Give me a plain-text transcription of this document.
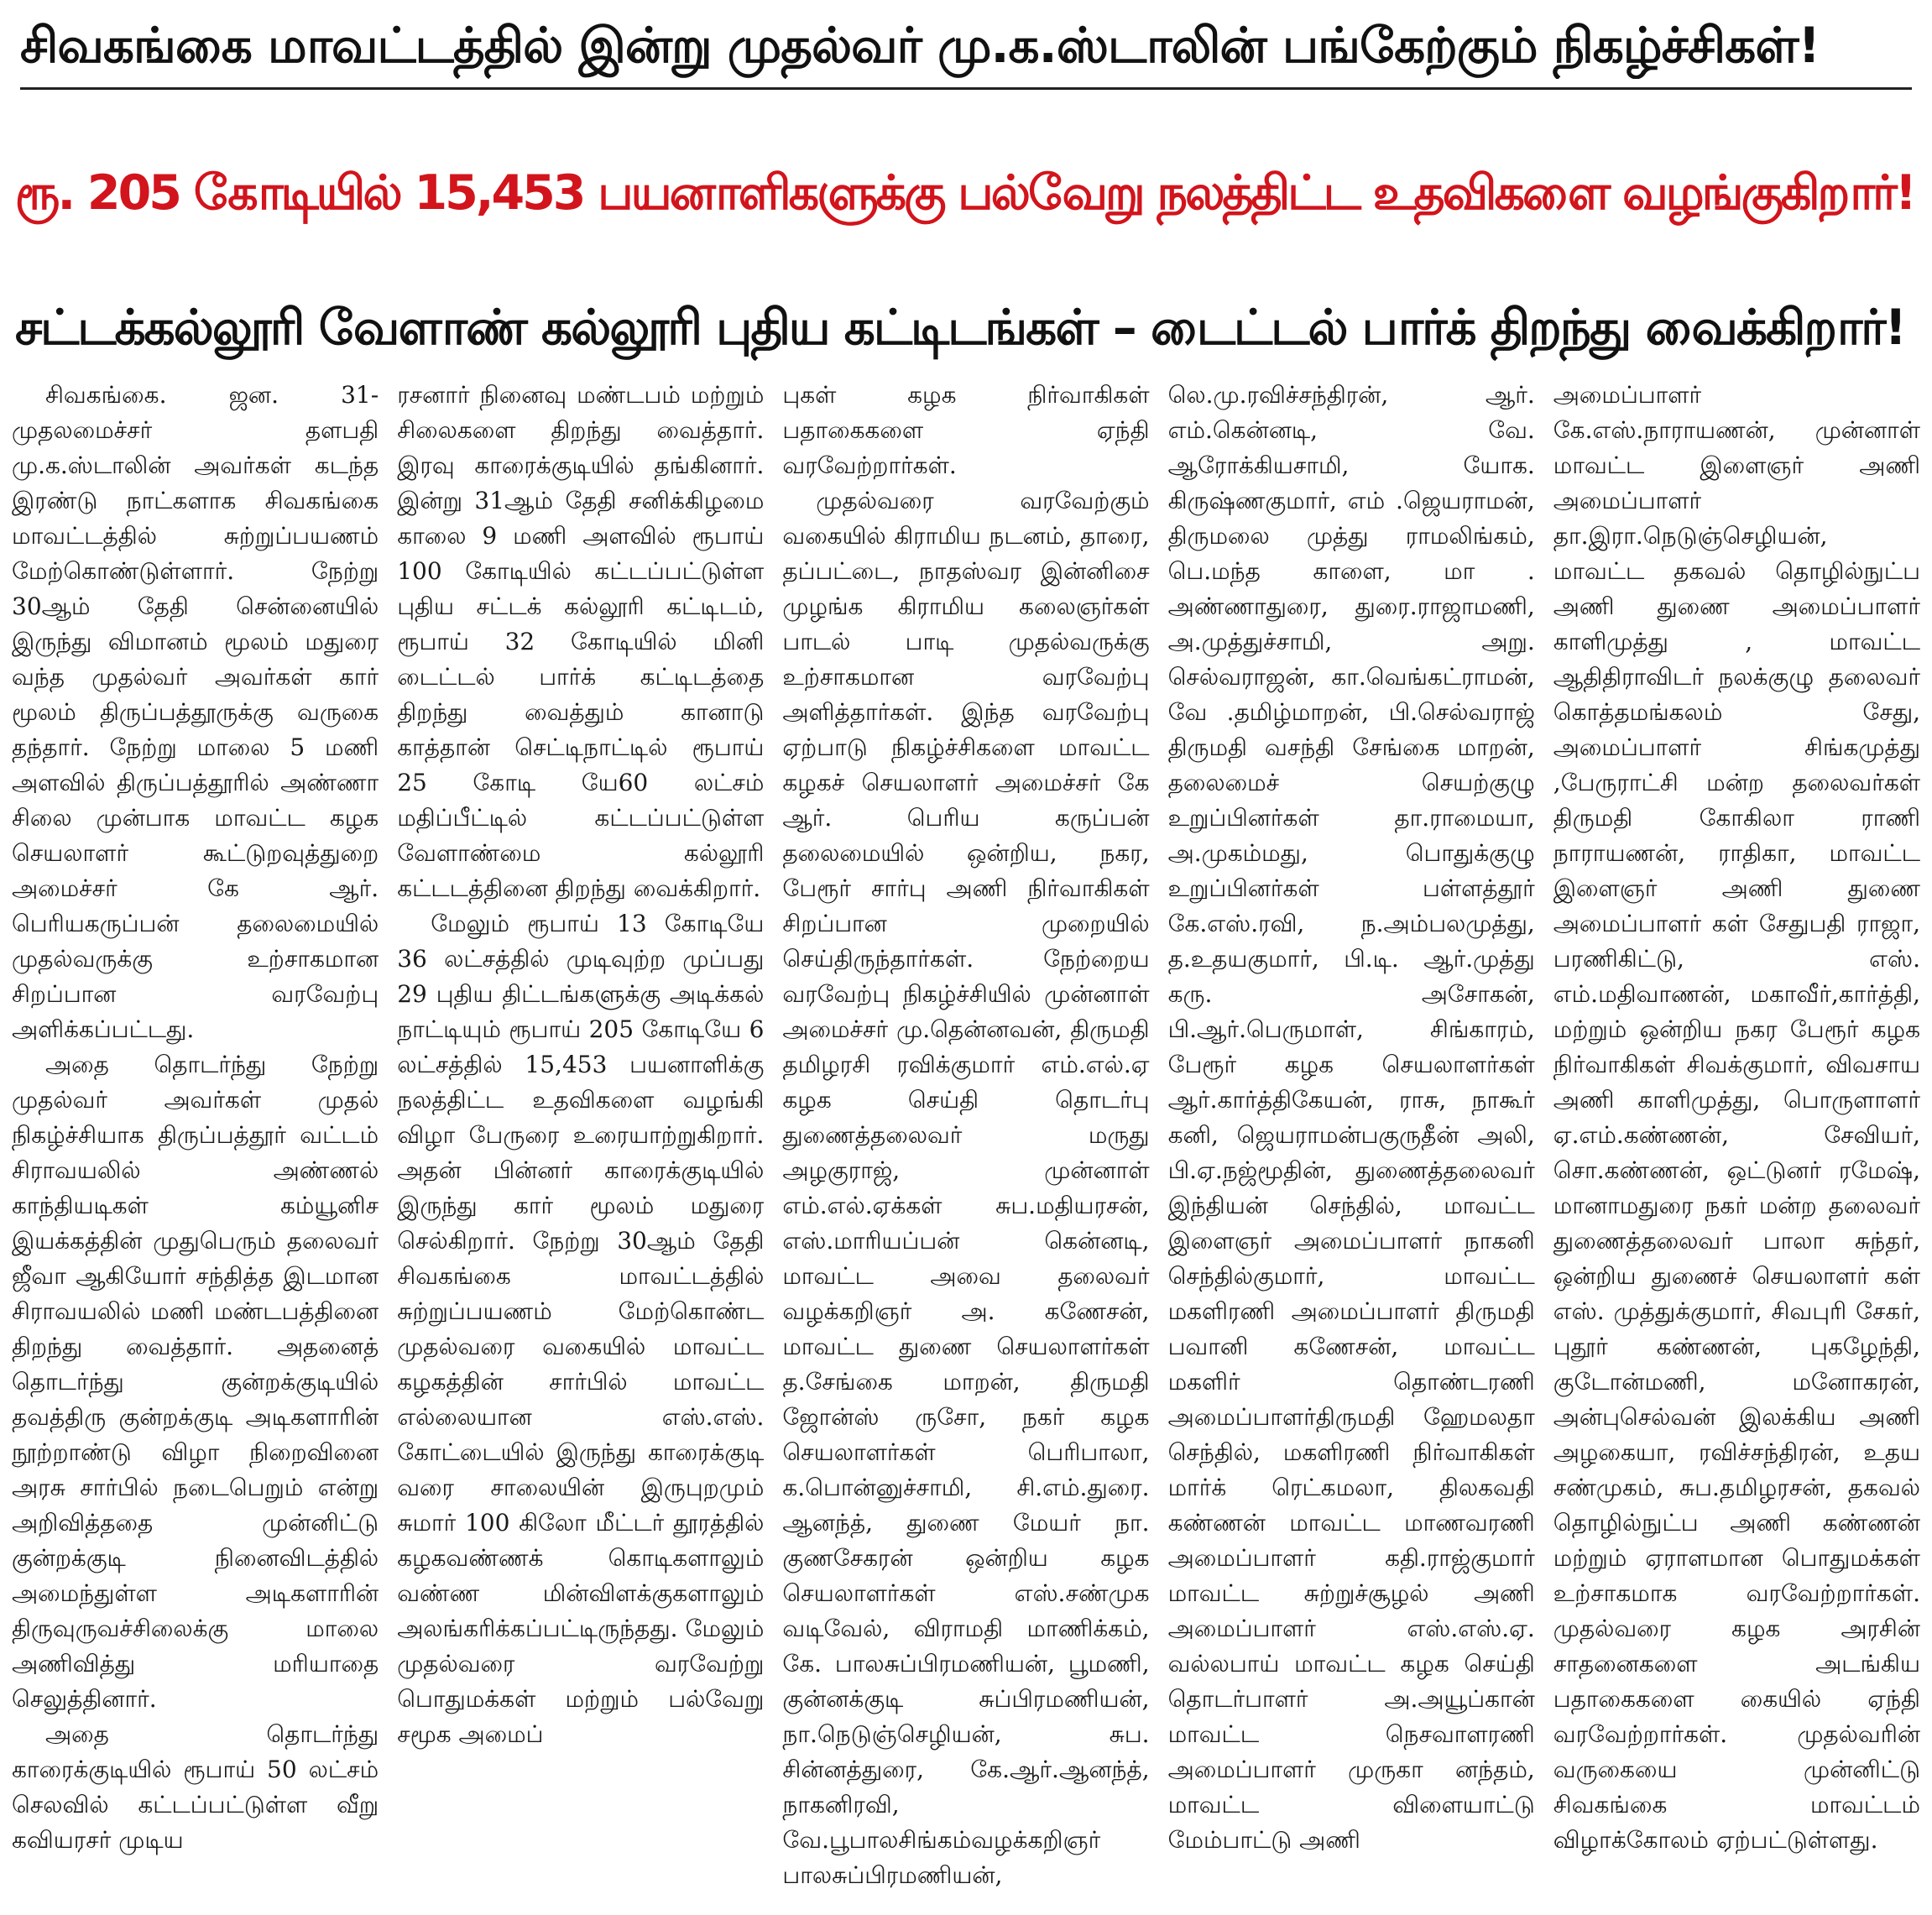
சிவகங்கை மாவட்டத்தில் இன்று முதல்வர் மு.க.ஸ்டாலின் பங்கேற்கும் நிகழ்ச்சிகள்!
ரூ. 205 கோடியில் 15,453 பயனாளிகளுக்கு பல்வேறு நலத்திட்ட உதவிகளை வழங்குகிறார்!
சட்டக்கல்லூரி வேளாண் கல்லூரி புதிய கட்டிடங்கள் – டைட்டல் பார்க் திறந்து வைக்கிறார்!

சிவகங்கை. ஜன. 31- முதலமைச்சர் தளபதி மு.க.ஸ்டாலின் அவர்கள் கடந்த இரண்டு நாட்களாக சிவகங்கை மாவட்டத்தில் சுற்றுப்பயணம் மேற்கொண்டுள்ளார். நேற்று 30ஆம் தேதி சென்னையில் இருந்து விமானம் மூலம் மதுரை வந்த முதல்வர் அவர்கள் கார் மூலம் திருப்பத்தூருக்கு வருகை தந்தார். நேற்று மாலை 5 மணி அளவில் திருப்பத்தூரில் அண்ணா சிலை முன்பாக மாவட்ட கழக செயலாளர் கூட்டுறவுத்துறை அமைச்சர் கே ஆர். பெரியகருப்பன் தலைமையில் முதல்வருக்கு உற்சாகமான சிறப்பான வரவேற்பு அளிக்கப்பட்டது.

அதை தொடர்ந்து நேற்று முதல்வர் அவர்கள் முதல் நிகழ்ச்சியாக திருப்பத்தூர் வட்டம் சிராவயலில் அண்ணல் காந்தியடிகள் கம்யூனிச இயக்கத்தின் முதுபெரும் தலைவர் ஜீவா ஆகியோர் சந்தித்த இடமான சிராவயலில் மணி மண்டபத்தினை திறந்து வைத்தார். அதனைத் தொடர்ந்து குன்றக்குடியில் தவத்திரு குன்றக்குடி அடிகளாரின் நூற்றாண்டு விழா நிறைவினை அரசு சார்பில் நடைபெறும் என்று அறிவித்ததை முன்னிட்டு குன்றக்குடி நினைவிடத்தில் அமைந்துள்ள அடிகளாரின் திருவுருவச்சிலைக்கு மாலை அணிவித்து மரியாதை செலுத்தினார்.

அதை தொடர்ந்து காரைக்குடியில் ரூபாய் 50 லட்சம் செலவில் கட்டப்பட்டுள்ள வீறு கவியரசர் முடிய

ரசனார் நினைவு மண்டபம் மற்றும் சிலைகளை திறந்து வைத்தார். இரவு காரைக்குடியில் தங்கினார். இன்று 31ஆம் தேதி சனிக்கிழமை காலை 9 மணி அளவில் ரூபாய் 100 கோடியில் கட்டப்பட்டுள்ள புதிய சட்டக் கல்லூரி கட்டிடம், ரூபாய் 32 கோடியில் மினி டைட்டல் பார்க் கட்டிடத்தை திறந்து வைத்தும் கானாடு காத்தான் செட்டிநாட்டில் ரூபாய் 25 கோடி யே60 லட்சம் மதிப்பீட்டில் கட்டப்பட்டுள்ள வேளாண்மை கல்லூரி கட்டடத்தினை திறந்து வைக்கிறார்.

மேலும் ரூபாய் 13 கோடியே 36 லட்சத்தில் முடிவுற்ற முப்பது 29 புதிய திட்டங்களுக்கு அடிக்கல் நாட்டியும் ரூபாய் 205 கோடியே 6 லட்சத்தில் 15,453 பயனாளிக்கு நலத்திட்ட உதவிகளை வழங்கி விழா பேருரை உரையாற்றுகிறார். அதன் பின்னர் காரைக்குடியில் இருந்து கார் மூலம் மதுரை செல்கிறார். நேற்று 30ஆம் தேதி சிவகங்கை மாவட்டத்தில் சுற்றுப்பயணம் மேற்கொண்ட முதல்வரை வகையில் மாவட்ட கழகத்தின் சார்பில் மாவட்ட எல்லையான எஸ்.எஸ். கோட்டையில் இருந்து காரைக்குடி வரை சாலையின் இருபுறமும் சுமார் 100 கிலோ மீட்டர் தூரத்தில் கழகவண்ணக் கொடிகளாலும் வண்ண மின்விளக்குகளாலும் அலங்கரிக்கப்பட்டிருந்தது. மேலும் முதல்வரை வரவேற்று பொதுமக்கள் மற்றும் பல்வேறு சமூக அமைப்

புகள் கழக நிர்வாகிகள் பதாகைகளை ஏந்தி வரவேற்றார்கள்.

முதல்வரை வரவேற்கும் வகையில் கிராமிய நடனம், தாரை, தப்பட்டை, நாதஸ்வர இன்னிசை முழங்க கிராமிய கலைஞர்கள் பாடல் பாடி முதல்வருக்கு உற்சாகமான வரவேற்பு அளித்தார்கள். இந்த வரவேற்பு ஏற்பாடு நிகழ்ச்சிகளை மாவட்ட கழகச் செயலாளர் அமைச்சர் கே ஆர். பெரிய கருப்பன் தலைமையில் ஒன்றிய, நகர, பேரூர் சார்பு அணி நிர்வாகிகள் சிறப்பான முறையில் செய்திருந்தார்கள். நேற்றைய வரவேற்பு நிகழ்ச்சியில் முன்னாள் அமைச்சர் மு.தென்னவன், திருமதி தமிழரசி ரவிக்குமார் எம்.எல்.ஏ கழக செய்தி தொடர்பு துணைத்தலைவர் மருது அழகுராஜ், முன்னாள் எம்.எல்.ஏக்கள் சுப.மதியரசன், எஸ்.மாரியப்பன் கென்னடி, மாவட்ட அவை தலைவர் வழக்கறிஞர் அ. கணேசன், மாவட்ட துணை செயலாளர்கள் த.சேங்கை மாறன், திருமதி ஜோன்ஸ் ருசோ, நகர் கழக செயலாளர்கள் பெரிபாலா, க.பொன்னுச்சாமி, சி.எம்.துரை. ஆனந்த், துணை மேயர் நா. குணசேகரன் ஒன்றிய கழக செயலாளர்கள் எஸ்.சண்முக வடிவேல், விராமதி மாணிக்கம், கே. பாலசுப்பிரமணியன், பூமணி, குன்னக்குடி சுப்பிரமணியன், நா.நெடுஞ்செழியன், சுப. சின்னத்துரை, கே.ஆர்.ஆனந்த், நாகனிரவி, வே.பூபாலசிங்கம்வழக்கறிஞர் பாலசுப்பிரமணியன்,

லெ.மு.ரவிச்சந்திரன், ஆர். எம்.கென்னடி, வே. ஆரோக்கியசாமி, யோக. கிருஷ்ணகுமார், எம் .ஜெயராமன், திருமலை முத்து ராமலிங்கம், பெ.மந்த காளை, மா . அண்ணாதுரை, துரை.ராஜாமணி, அ.முத்துச்சாமி, அறு. செல்வராஜன், கா.வெங்கட்ராமன், வே .தமிழ்மாறன், பி.செல்வராஜ் திருமதி வசந்தி சேங்கை மாறன், தலைமைச் செயற்குழு உறுப்பினர்கள் தா.ராமையா, அ.முகம்மது, பொதுக்குழு உறுப்பினர்கள் பள்ளத்தூர் கே.எஸ்.ரவி, ந.அம்பலமுத்து, த.உதயகுமார், பி.டி. ஆர்.முத்து கரு. அசோகன், பி.ஆர்.பெருமாள், சிங்காரம், பேரூர் கழக செயலாளர்கள் ஆர்.கார்த்திகேயன், ராசு, நாகூர் கனி, ஜெயராமன்பகுருதீன் அலி, பி.ஏ.நஜ்மூதின், துணைத்தலைவர் இந்தியன் செந்தில், மாவட்ட இளைஞர் அமைப்பாளர் நாகனி செந்தில்குமார், மாவட்ட மகளிரணி அமைப்பாளர் திருமதி பவானி கணேசன், மாவட்ட மகளிர் தொண்டரணி அமைப்பாளர்திருமதி ஹேமலதா செந்தில், மகளிரணி நிர்வாகிகள் மார்க் ரெட்கமலா, திலகவதி கண்ணன் மாவட்ட மாணவரணி அமைப்பாளர் கதி.ராஜ்குமார் மாவட்ட சுற்றுச்சூழல் அணி அமைப்பாளர் எஸ்.எஸ்.ஏ. வல்லபாய் மாவட்ட கழக செய்தி தொடர்பாளர் அ.அயூப்கான் மாவட்ட நெசவாளரணி அமைப்பாளர் முருகா னந்தம், மாவட்ட விளையாட்டு மேம்பாட்டு அணி

அமைப்பாளர் கே.எஸ்.நாராயணன், முன்னாள் மாவட்ட இளைஞர் அணி அமைப்பாளர் தா.இரா.நெடுஞ்செழியன், மாவட்ட தகவல் தொழில்நுட்ப அணி துணை அமைப்பாளர் காளிமுத்து , மாவட்ட ஆதிதிராவிடர் நலக்குழு தலைவர் கொத்தமங்கலம் சேது, அமைப்பாளர் சிங்கமுத்து ,பேருராட்சி மன்ற தலைவர்கள் திருமதி கோகிலா ராணி நாராயணன், ராதிகா, மாவட்ட இளைஞர் அணி துணை அமைப்பாளர் கள் சேதுபதி ராஜா, பரணிகிட்டு, எஸ். எம்.மதிவாணன், மகாவீர்,கார்த்தி, மற்றும் ஒன்றிய நகர பேரூர் கழக நிர்வாகிகள் சிவக்குமார், விவசாய அணி காளிமுத்து, பொருளாளர் ஏ.எம்.கண்ணன், சேவியர், சொ.கண்ணன், ஒட்டுனர் ரமேஷ், மானாமதுரை நகர் மன்ற தலைவர் துணைத்தலைவர் பாலா சுந்தர், ஒன்றிய துணைச் செயலாளர் கள் எஸ். முத்துக்குமார், சிவபுரி சேகர், புதூர் கண்ணன், புகழேந்தி, குடோன்மணி, மனோகரன், அன்புசெல்வன் இலக்கிய அணி அழகையா, ரவிச்சந்திரன், உதய சண்முகம், சுப.தமிழரசன், தகவல் தொழில்நுட்ப அணி கண்ணன் மற்றும் ஏராளமான பொதுமக்கள் உற்சாகமாக வரவேற்றார்கள். முதல்வரை கழக அரசின் சாதனைகளை அடங்கிய பதாகைகளை கையில் ஏந்தி வரவேற்றார்கள். முதல்வரின் வருகையை முன்னிட்டு சிவகங்கை மாவட்டம் விழாக்கோலம் ஏற்பட்டுள்ளது.
